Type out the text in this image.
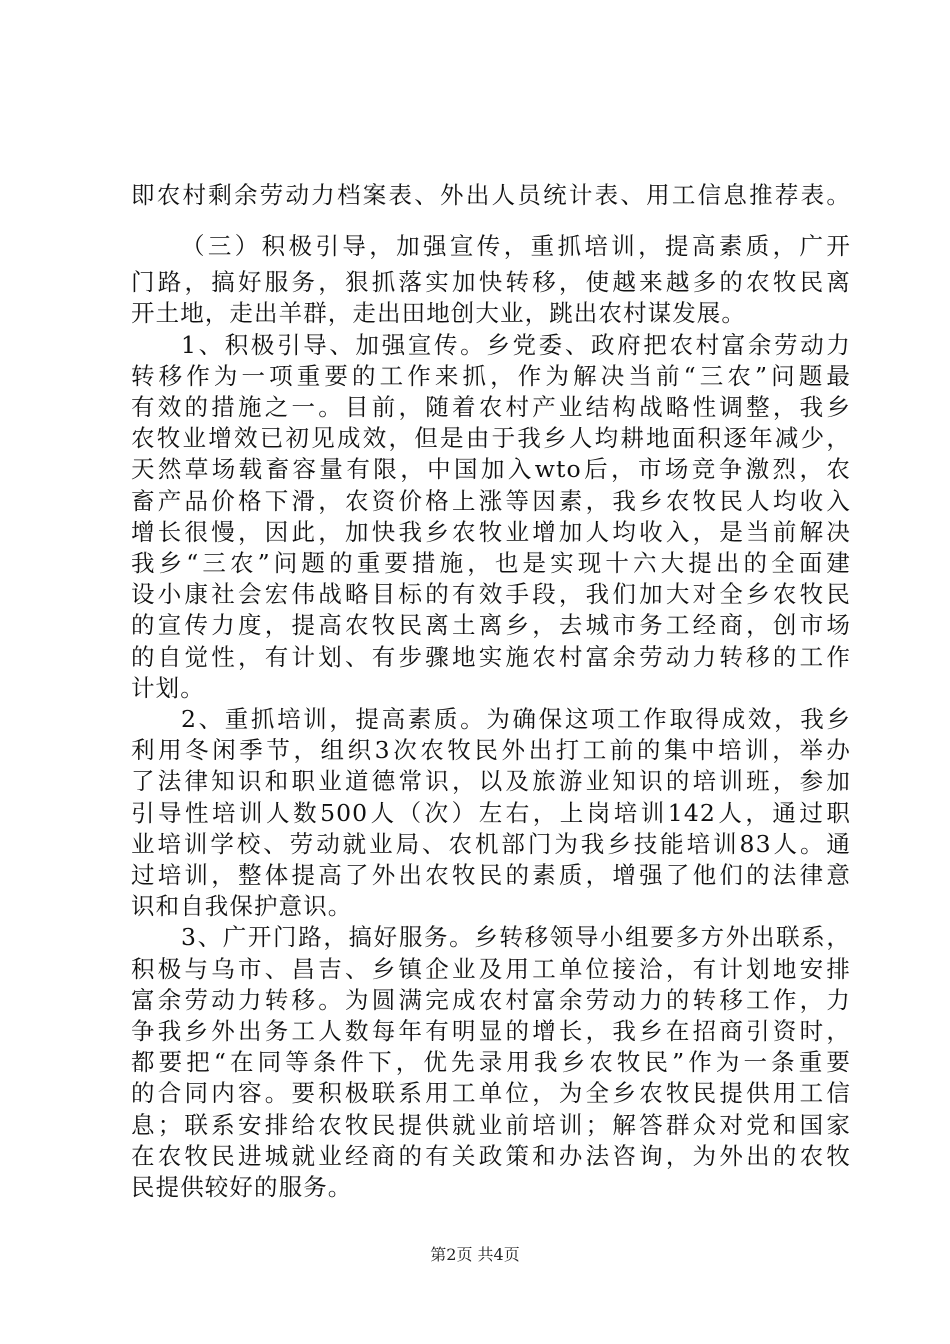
即农村剩余劳动力档案表、外出人员统计表、用工信息推荐表。
（三）积极引导，加强宣传，重抓培训，提高素质，广开
门路，搞好服务，狠抓落实加快转移，使越来越多的农牧民离
开土地，走出羊群，走出田地创大业，跳出农村谋发展。
1、积极引导、加强宣传。乡党委、政府把农村富余劳动力
转移作为一项重要的工作来抓，作为解决当前“三农”问题最
有效的措施之一。目前，随着农村产业结构战略性调整，我乡
农牧业增效已初见成效，但是由于我乡人均耕地面积逐年减少，
天然草场载畜容量有限，中国加入wto后，市场竞争激烈，农
畜产品价格下滑，农资价格上涨等因素，我乡农牧民人均收入
增长很慢，因此，加快我乡农牧业增加人均收入，是当前解决
我乡“三农”问题的重要措施，也是实现十六大提出的全面建
设小康社会宏伟战略目标的有效手段，我们加大对全乡农牧民
的宣传力度，提高农牧民离土离乡，去城市务工经商，创市场
的自觉性，有计划、有步骤地实施农村富余劳动力转移的工作
计划。
2、重抓培训，提高素质。为确保这项工作取得成效，我乡
利用冬闲季节，组织3次农牧民外出打工前的集中培训，举办
了法律知识和职业道德常识，以及旅游业知识的培训班，参加
引导性培训人数500人（次）左右，上岗培训142人，通过职
业培训学校、劳动就业局、农机部门为我乡技能培训83人。通
过培训，整体提高了外出农牧民的素质，增强了他们的法律意
识和自我保护意识。
3、广开门路，搞好服务。乡转移领导小组要多方外出联系，
积极与乌市、昌吉、乡镇企业及用工单位接洽，有计划地安排
富余劳动力转移。为圆满完成农村富余劳动力的转移工作，力
争我乡外出务工人数每年有明显的增长，我乡在招商引资时，
都要把“在同等条件下，优先录用我乡农牧民”作为一条重要
的合同内容。要积极联系用工单位，为全乡农牧民提供用工信
息；联系安排给农牧民提供就业前培训；解答群众对党和国家
在农牧民进城就业经商的有关政策和办法咨询，为外出的农牧
民提供较好的服务。
第2页 共4页
